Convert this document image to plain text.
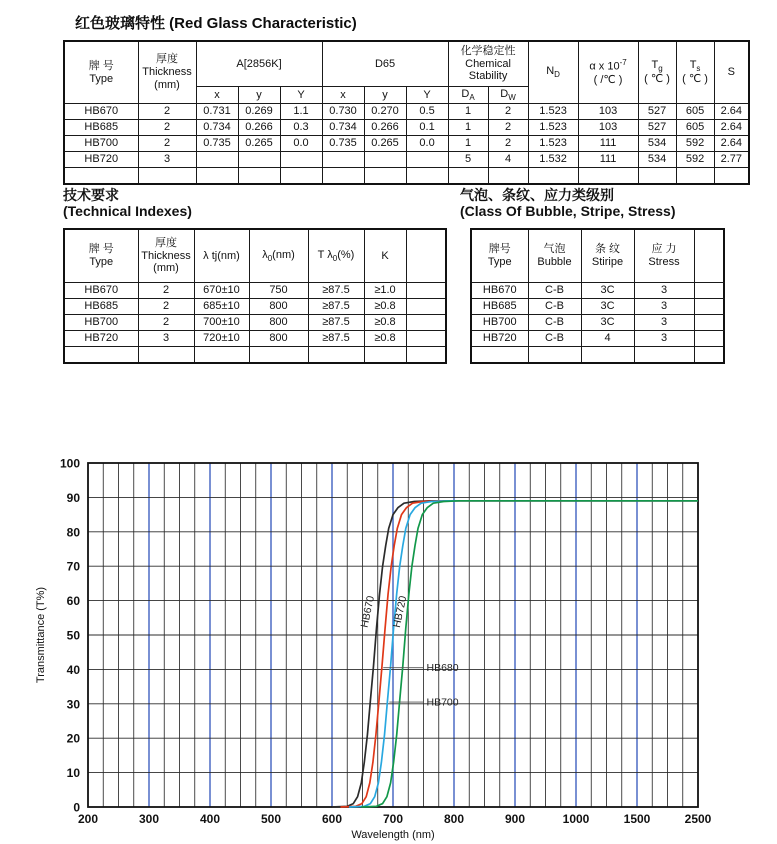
红色玻璃特性 (Red Glass Characteristic)
牌 号
Type	厚度
Thickness
(mm)	A[2856K]			D65			化学稳定性
Chemical
Stability		$N_D$	α x $10^{-7}$
( /℃ )	$T_g$
( ℃ )	$T_s$
( ℃ )	S
		x	y	Y	x	y	Y	$D_A$	$D_W$
HB670	2	0.731	0.269	1.1	0.730	0.270	0.5	1	2	1.523	103	527	605	2.64
HB685	2	0.734	0.266	0.3	0.734	0.266	0.1	1	2	1.523	103	527	605	2.64
HB700	2	0.735	0.265	0.0	0.735	0.265	0.0	1	2	1.523	111	534	592	2.64
HB720	3							5	4	1.532	111	534	592	2.77

技术要求
(Technical Indexes)
牌 号
Type	厚度
Thickness
(mm)	λ tj(nm)	$\lambda_0(nm)$	T $\lambda_0(\%)$	K	
HB670	2	670±10	750	≥87.5	≥1.0	
HB685	2	685±10	800	≥87.5	≥0.8	
HB700	2	700±10	800	≥87.5	≥0.8	
HB720	3	720±10	800	≥87.5	≥0.8	

气泡、条纹、应力类级别
(Class Of Bubble, Stripe, Stress)
牌号
Type	气泡
Bubble	条 纹
Stiripe	应 力
Stress		
HB670	C-B	3C	3		
HB685	C-B	3C	3		
HB700	C-B	3C	3		
HB720	C-B	4	3		

HB670 HB720
HB680
HB700
200	300	400	500	600	700	800	900	1000	1500	2500
0
10
20
30
40
50
60
70
80
90
100
Wavelength (nm)
Transmittance (T%)
